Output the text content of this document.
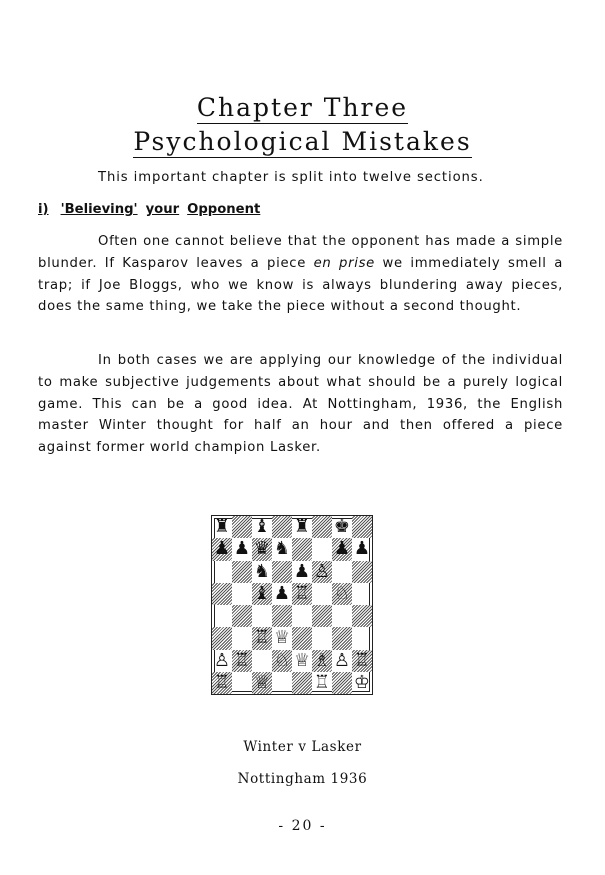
Chapter Three
Psychological Mistakes
This important chapter is split into twelve sections.
i) 'Believing' your Opponent

Often one cannot believe that the opponent has made a simple blunder. If Kasparov leaves a piece en prise we immediately smell a trap; if Joe Bloggs, who we know is always blundering away pieces, does the same thing, we take the piece without a second thought.

In both cases we are applying our knowledge of the individual to make subjective judgements about what should be a purely logical game. This can be a good idea. At Nottingham, 1936, the English master Winter thought for half an hour and then offered a piece against former world champion Lasker.

♜ ♝ ♜ ♚
♟ ♟ ♛ ♞ ♟ ♟
♞ ♟ ♙
♝ ♟ ♖ ♘
♖ ♕
♙ ♖ ♘ ♕ ♗ ♙ ♖
♖ ♕ ♖ ♔
Winter v Lasker
Nottingham 1936
- 20 -
